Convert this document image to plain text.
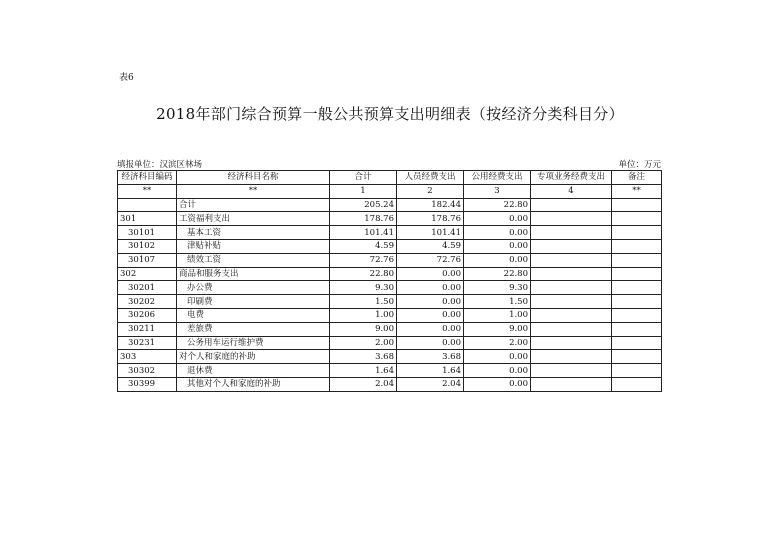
表6
2018年部门综合预算一般公共预算支出明细表（按经济分类科目分）
填报单位：汉滨区林场	单位：万元
经济科目编码	经济科目名称	合计	人员经费支出	公用经费支出	专项业务经费支出	备注
**	**	1	2	3	4	**
	合计	205.24	182.44	22.80		
301	工资福利支出	178.76	178.76	0.00		
30101	基本工资	101.41	101.41	0.00		
30102	津贴补贴	4.59	4.59	0.00		
30107	绩效工资	72.76	72.76	0.00		
302	商品和服务支出	22.80	0.00	22.80		
30201	办公费	9.30	0.00	9.30		
30202	印刷费	1.50	0.00	1.50		
30206	电费	1.00	0.00	1.00		
30211	差旅费	9.00	0.00	9.00		
30231	公务用车运行维护费	2.00	0.00	2.00		
303	对个人和家庭的补助	3.68	3.68	0.00		
30302	退休费	1.64	1.64	0.00		
30399	其他对个人和家庭的补助	2.04	2.04	0.00		
